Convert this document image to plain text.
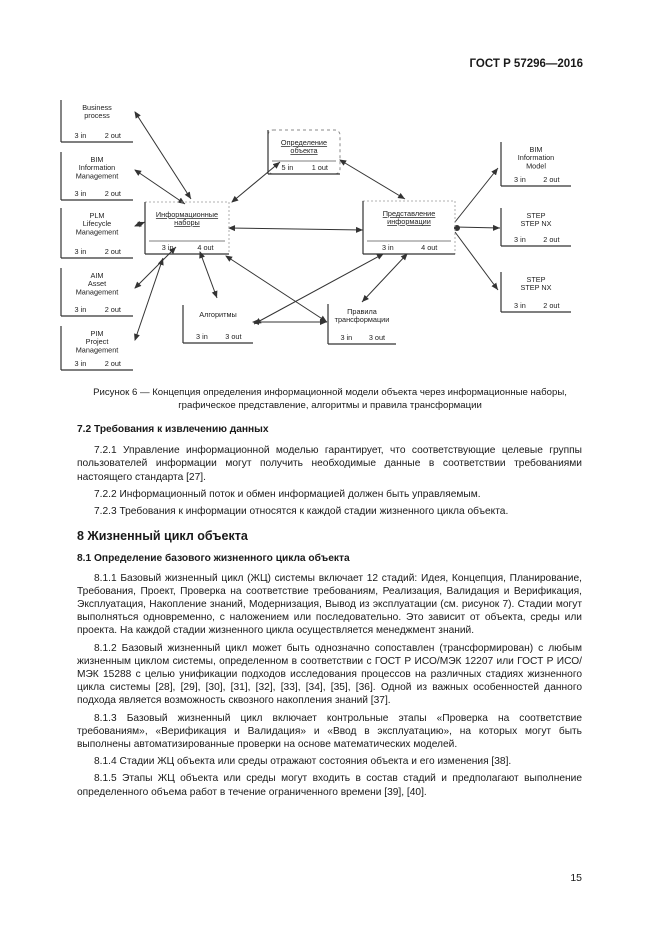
ГОСТ Р 57296—2016
Business
process
3 in	2 out
BIM
Information
Management
3 in	2 out
PLM
Lifecycle
Management
3 in	2 out
AIM
Asset
Management
3 in	2 out
PIM
Project
Management
3 in	2 out
Информационные
наборы
3 in	4 out
Определение
объекта
5 in	1 out
Представление
информации
3 in	4 out
Алгоритмы
3 in 3 out
Правила
трансформации
3 in 3 out
BIM
Information
Model
3 in 2 out
STEP
STEP NX
3 in 2 out
STEP
STEP NX
3 in 2 out
Рисунок 6 — Концепция определения информационной модели объекта через информационные наборы,
графическое представление, алгоритмы и правила трансформации
7.2 Требования к извлечению данных

7.2.1 Управление информационной моделью гарантирует, что соответствующие целевые группы пользователей информации могут получить необходимые данные в соответствии требованиями настоящего стандарта [27].

7.2.2 Информационный поток и обмен информацией должен быть управляемым.

7.2.3 Требования к информации относятся к каждой стадии жизненного цикла объекта.

8 Жизненный цикл объекта
8.1 Определение базового жизненного цикла объекта

8.1.1 Базовый жизненный цикл (ЖЦ) системы включает 12 стадий: Идея, Концепция, Планирование, Требования, Проект, Проверка на соответствие требованиям, Реализация, Валидация и Верификация, Эксплуатация, Накопление знаний, Модернизация, Вывод из эксплуатации (см. рисунок 7). Стадии могут выполняться одновременно, с наложением или последовательно. Это зависит от объекта, среды или проекта. На каждой стадии жизненного цикла осуществляется менеджмент знаний.

8.1.2 Базовый жизненный цикл может быть однозначно сопоставлен (трансформирован) с любым жизненным циклом системы, определенном в соответствии с ГОСТ Р ИСО/МЭК 12207 или ГОСТ Р ИСО/МЭК 15288 с целью унификации подходов исследования процессов на различных стадиях жизненного цикла системы [28], [29], [30], [31], [32], [33], [34], [35], [36]. Одной из важных особенностей данного подхода является возможность сквозного накопления знаний [37].

8.1.3 Базовый жизненный цикл включает контрольные этапы «Проверка на соответствие требованиям», «Верификация и Валидация» и «Ввод в эксплуатацию», на которых могут быть выполнены автоматизированные проверки на основе математических моделей.

8.1.4 Стадии ЖЦ объекта или среды отражают состояния объекта и его изменения [38].

8.1.5 Этапы ЖЦ объекта или среды могут входить в состав стадий и предполагают выполнение определенного объема работ в течение ограниченного времени [39], [40].

15
